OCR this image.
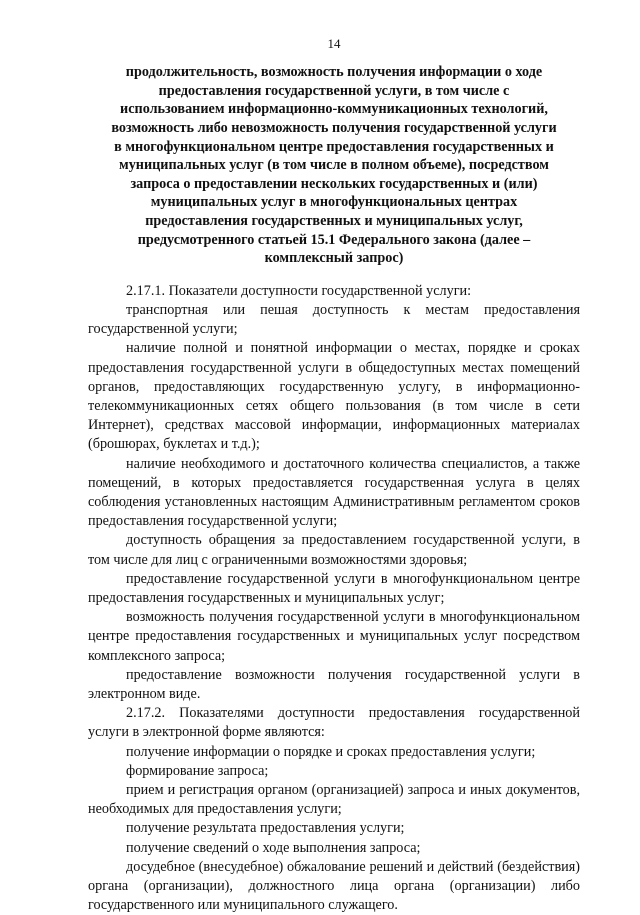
14
продолжительность, возможность получения информации о ходе
предоставления государственной услуги, в том числе с
использованием информационно-коммуникационных технологий,
возможность либо невозможность получения государственной услуги
в многофункциональном центре предоставления государственных и
муниципальных услуг (в том числе в полном объеме), посредством
запроса о предоставлении нескольких государственных и (или)
муниципальных услуг в многофункциональных центрах
предоставления государственных и муниципальных услуг,
предусмотренного статьей 15.1 Федерального закона (далее –
комплексный запрос)

2.17.1. Показатели доступности государственной услуги:

транспортная или пешая доступность к местам предоставления государственной услуги;

наличие полной и понятной информации о местах, порядке и сроках предоставления государственной услуги в общедоступных местах помещений органов, предоставляющих государственную услугу, в информационно-телекоммуникационных сетях общего пользования (в том числе в сети Интернет), средствах массовой информации, информационных материалах (брошюрах, буклетах и т.д.);

наличие необходимого и достаточного количества специалистов, а также помещений, в которых предоставляется государственная услуга в целях соблюдения установленных настоящим Административным регламентом сроков предоставления государственной услуги;

доступность обращения за предоставлением государственной услуги, в том числе для лиц с ограниченными возможностями здоровья;

предоставление государственной услуги в многофункциональном центре предоставления государственных и муниципальных услуг;

возможность получения государственной услуги в многофункциональном центре предоставления государственных и муниципальных услуг посредством комплексного запроса;

предоставление возможности получения государственной услуги в электронном виде.

2.17.2. Показателями доступности предоставления государственной услуги в электронной форме являются:

получение информации о порядке и сроках предоставления услуги;

формирование запроса;

прием и регистрация органом (организацией) запроса и иных документов, необходимых для предоставления услуги;

получение результата предоставления услуги;

получение сведений о ходе выполнения запроса;

досудебное (внесудебное) обжалование решений и действий (бездействия) органа (организации), должностного лица органа (организации) либо государственного или муниципального служащего.
